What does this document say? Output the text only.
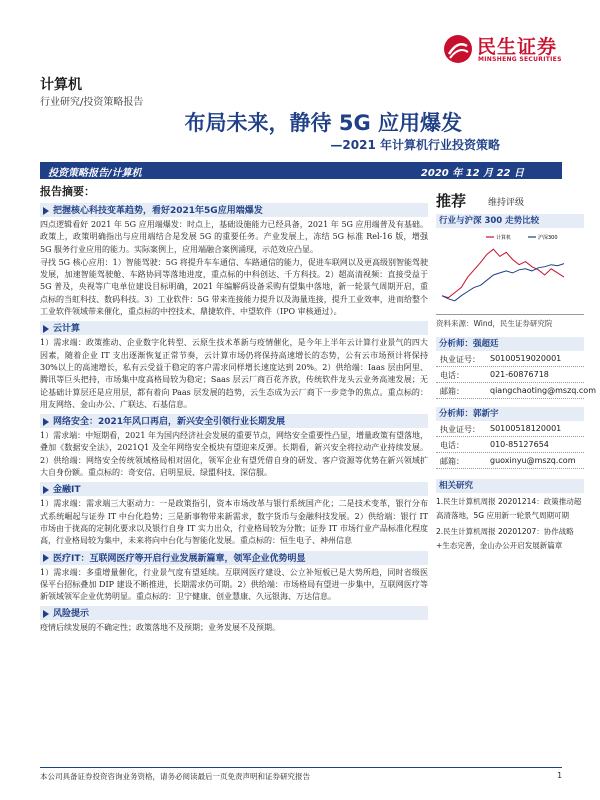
民生证券
MINSHENG SECURITIES
计算机
行业研究/投资策略报告
布局未来，静待 5G 应用爆发
—2021 年计算机行业投资策略
投资策略报告/计算机	2020 年 12 月 22 日
报告摘要：
把握核心科技变革趋势，看好2021年5G应用端爆发

四点逻辑看好 2021 年 5G 应用端爆发：时点上，基础设施能力已经具备，2021 年 5G 应用端普及有基础。政策上，政策明确指出与应用端结合是发展 5G 的重要任务。产业发展上，冻结 5G 标准 Rel-16 版，增强 5G 服务行业应用的能力。实际案例上，应用端融合案例涌现，示范效应凸显。

寻找 5G 核心应用：1）智能驾驶：5G 将提升车车通信、车路通信的能力，促进车联网以及更高级别智能驾驶发展，加速智能驾驶舱、车路协同等落地进度，重点标的中科创达、千方科技。2）超高清视频：直接受益于 5G 普及，央视等广电单位建设目标明确，2021 年编解码设备采购有望集中落地，新一轮景气周期开启，重点标的当虹科技、数码科技。3）工业软件：5G 带来连接能力提升以及海量连接，提升工业效率，进而给整个工业软件领域带来催化，重点标的中控技术、鼎捷软件、中望软件（IPO 审核通过）。

云计算

1）需求端：政策推动、企业数字化转型、云原生技术革新与疫情催化，是今年上半年云计算行业景气的四大因素，随着企业 IT 支出逐渐恢复正常节奏，云计算市场仍将保持高速增长的态势，公有云市场预计将保持 30%以上的高速增长，私有云受益于稳定的客户需求同样增长速度达到 20%。2）供给端：Iaas 层由阿里、腾讯等巨头把持，市场集中度高格局较为稳定；Saas 层云厂商百花齐放，传统软件龙头云业务高速发展；无论基础计算层还是应用层，都有着向 Paas 层发展的趋势，云生态成为云厂商下一步竞争的焦点。重点标的：用友网络、金山办公、广联达、石基信息。

网络安全：2021年风口再启，新兴安全引领行业长期发展

1）需求端：中短期看，2021 年为国内经济社会发展的重要节点，网络安全重要性凸显，增量政策有望落地，叠加《数据安全法》，2021Q1 及全年网络安全板块有望迎来反弹。长期看，新兴安全将拉动产业持续发展。2）供给端：网络安全传统领域格局相对固化，领军企业有望凭借自身的研发、客户资源等优势在新兴领域扩大自身份额。重点标的：奇安信、启明星辰、绿盟科技、深信服。

金融IT

1）需求端：需求端三大驱动力：一是政策指引，资本市场改革与银行系统国产化；二是技术变革，银行分布式系统崛起与证券 IT 中台化趋势；三是新事物带来新需求，数字货币与金融科技发展。2）供给端：银行 IT 市场由于拢高的定制化要求以及银行自身 IT 实力出众，行业格局较为分散；证券 IT 市场行业产品标准化程度高，行业格局较为集中，未来将向中台化与智能化发展。重点标的：恒生电子、神州信息

医疗IT：互联网医疗等开启行业发展新篇章，领军企业优势明显

1）需求端：多重增量催化，行业景气度有望延续。互联网医疗建设、公立补短板已是大势所趋，同时省级医保平台招标叠加 DIP 建设不断推进，长期需求仍可期。2）供给端：市场格局有望进一步集中，互联网医疗等新领域领军企业优势明显。重点标的：卫宁健康、创业慧康、久远银海、万达信息。

风险提示

疫情后续发展的不确定性；政策落地不及预期；业务发展不及预期。

推荐 维持评级
行业与沪深 300 走势比较
计算机	沪深300
资料来源：Wind，民生证券研究院
分析师：强超廷
执业证号： S0100519020001
电话：	021-60876718
邮箱：	qiangchaoting@mszq.com
分析师：郭新宇
执业证号： S0100518120001
电话：	010-85127654
邮箱：	guoxinyu@mszq.com
相关研究
1.民生计算机周报 20201214：政策推动超高清落地，5G 应用新一轮景气周期可期
2.民生计算机周报 20201207：协作战略+生态完善，金山办公开启发展新篇章
本公司具备证券投资咨询业务资格，请务必阅读最后一页免责声明和证券研究报告	1
